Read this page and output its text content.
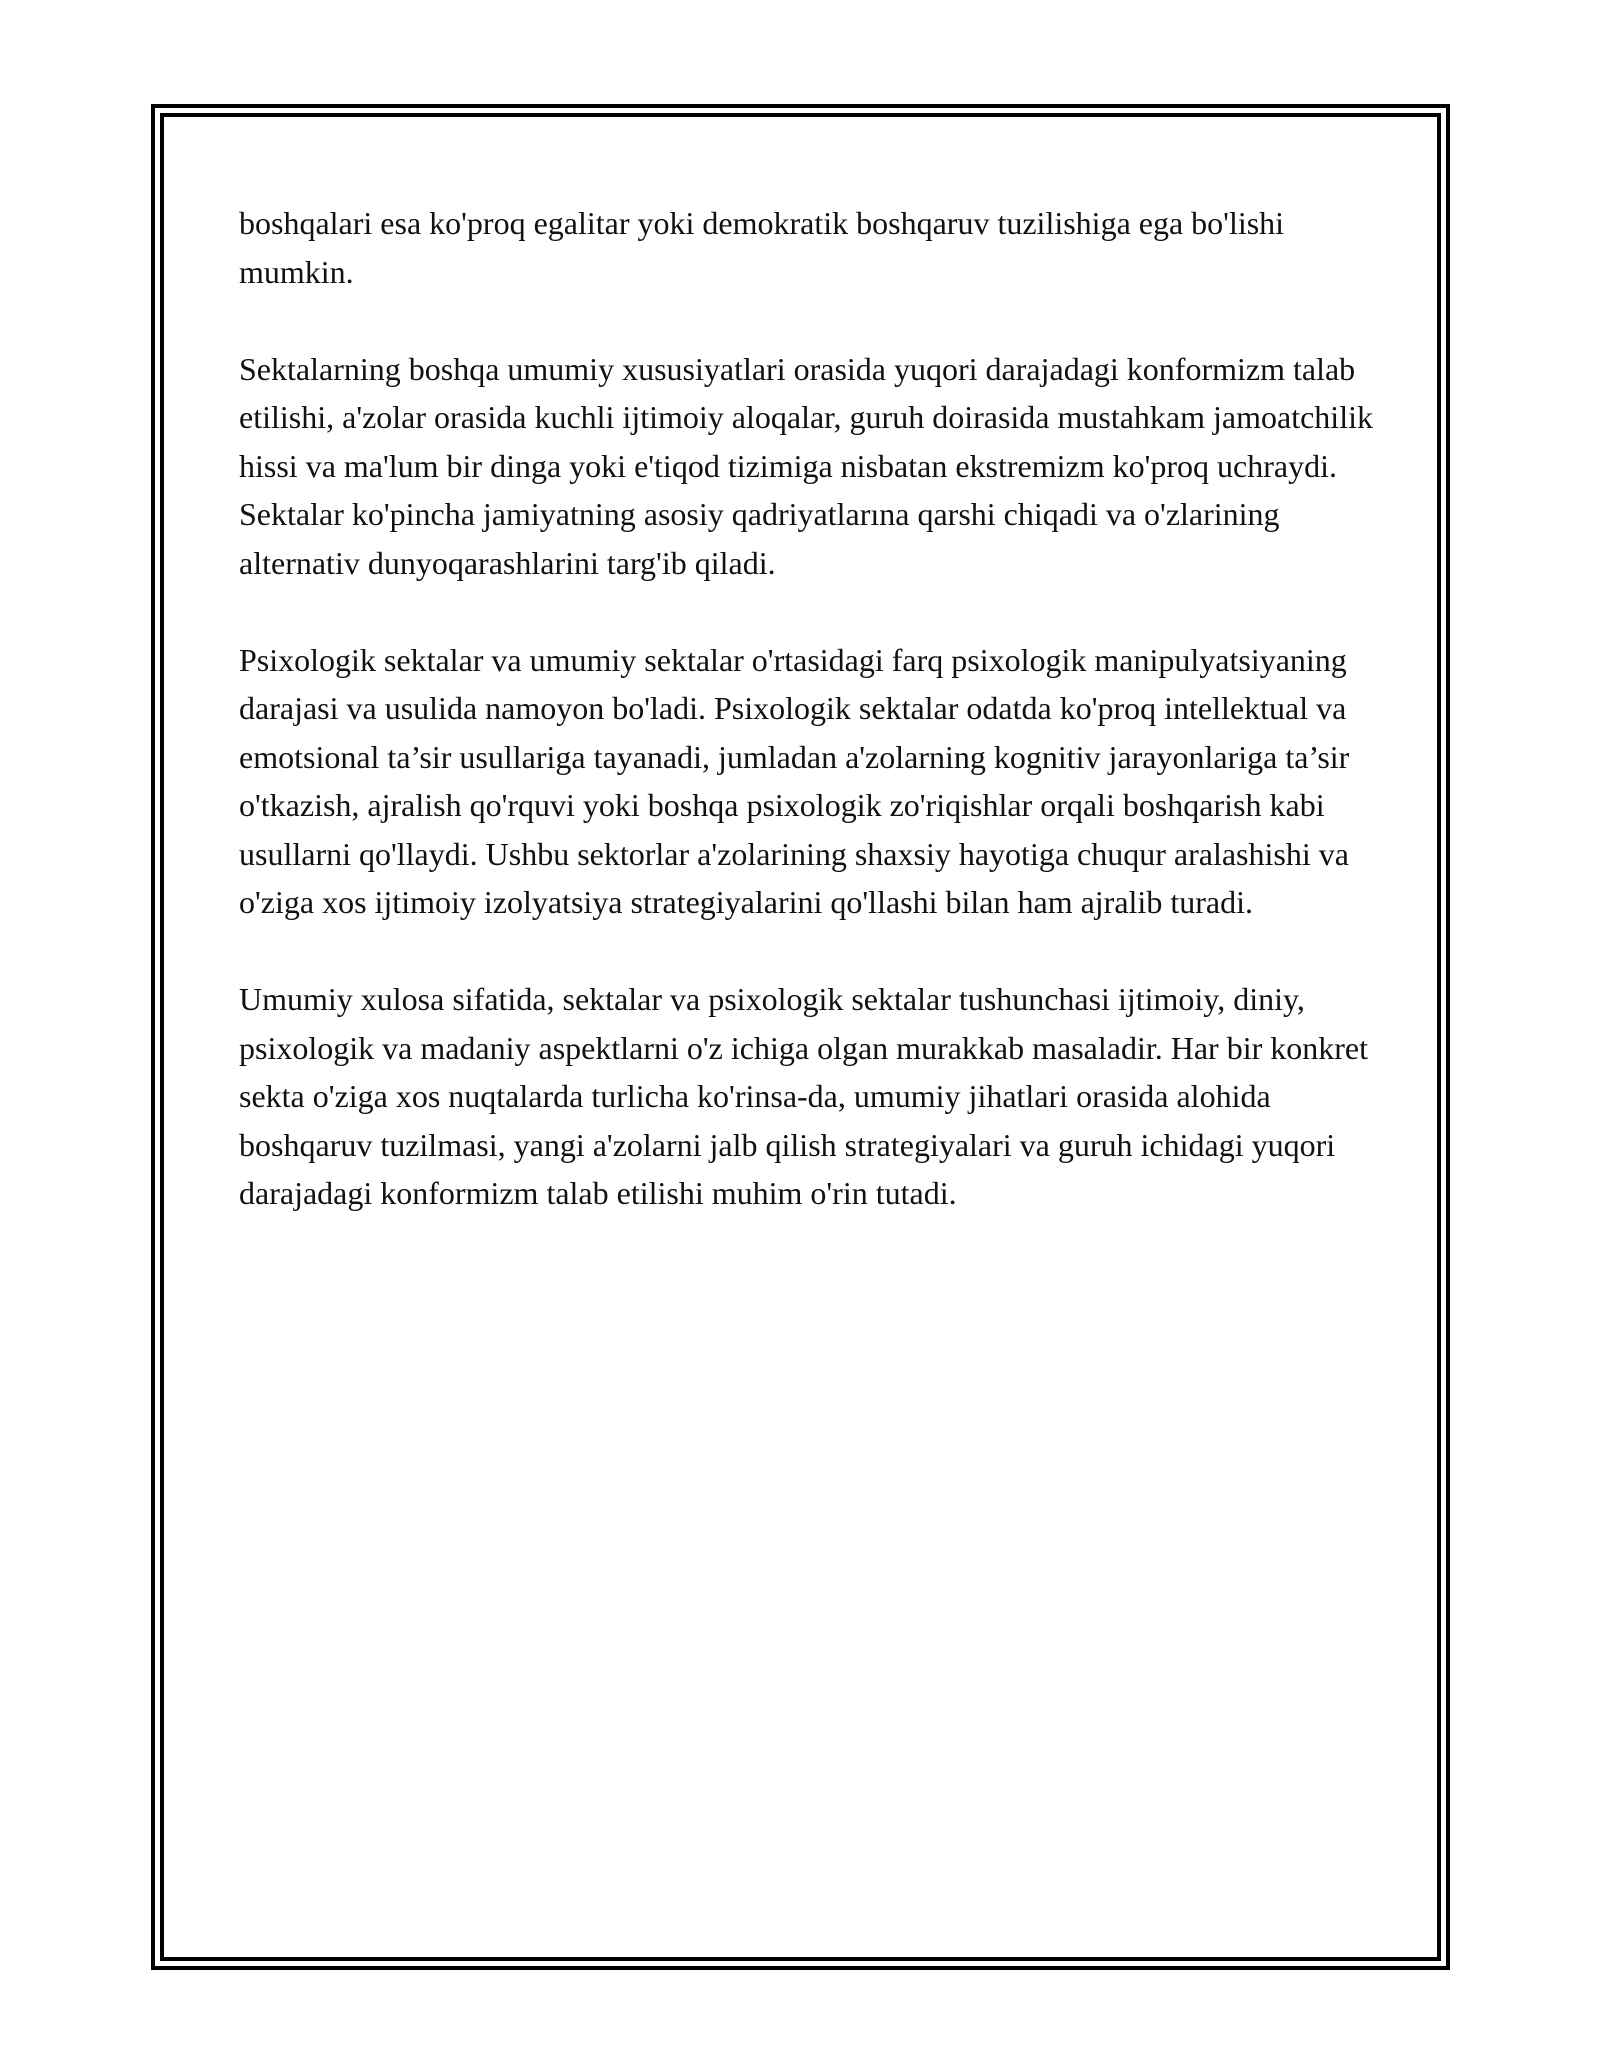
boshqalari esa ko'proq egalitar yoki demokratik boshqaruv tuzilishiga ega bo'lishi mumkin.

Sektalarning boshqa umumiy xususiyatlari orasida yuqori darajadagi konformizm talab etilishi, a'zolar orasida kuchli ijtimoiy aloqalar, guruh doirasida mustahkam jamoatchilik hissi va ma'lum bir dinga yoki e'tiqod tizimiga nisbatan ekstremizm ko'proq uchraydi. Sektalar ko'pincha jamiyatning asosiy qadriyatlarına qarshi chiqadi va o'zlarining alternativ dunyoqarashlarini targ'ib qiladi.

Psixologik sektalar va umumiy sektalar o'rtasidagi farq psixologik manipulyatsiyaning darajasi va usulida namoyon bo'ladi. Psixologik sektalar odatda ko'proq intellektual va emotsional ta’sir usullariga tayanadi, jumladan a'zolarning kognitiv jarayonlariga ta’sir o'tkazish, ajralish qo'rquvi yoki boshqa psixologik zo'riqishlar orqali boshqarish kabi usullarni qo'llaydi. Ushbu sektorlar a'zolarining shaxsiy hayotiga chuqur aralashishi va o'ziga xos ijtimoiy izolyatsiya strategiyalarini qo'llashi bilan ham ajralib turadi.

Umumiy xulosa sifatida, sektalar va psixologik sektalar tushunchasi ijtimoiy, diniy, psixologik va madaniy aspektlarni o'z ichiga olgan murakkab masaladir. Har bir konkret sekta o'ziga xos nuqtalarda turlicha ko'rinsa-da, umumiy jihatlari orasida alohida boshqaruv tuzilmasi, yangi a'zolarni jalb qilish strategiyalari va guruh ichidagi yuqori darajadagi konformizm talab etilishi muhim o'rin tutadi.
